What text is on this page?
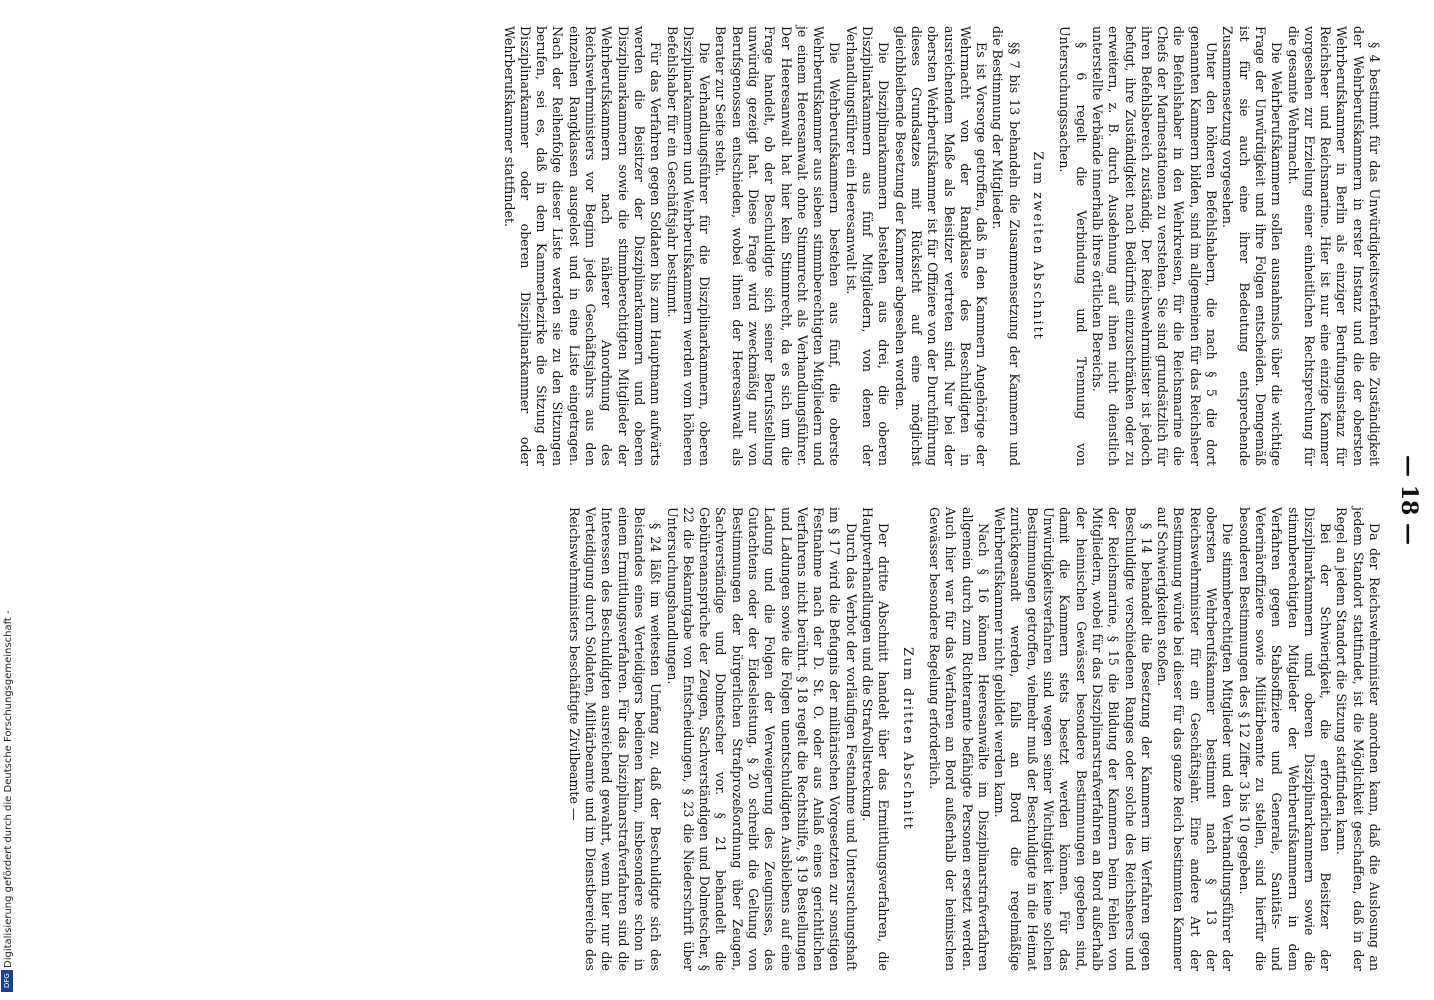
Digitalisierung gefördert durch die Deutsche Forschungsgemeinschaft -
DFG
— 18 —

§ 4 bestimmt für das Unwürdigkeitsverfahren die Zuständigkeit der Wehrberufskammern in erster Instanz und die der obersten Wehrberufskammer in Berlin als einziger Berufungsinstanz für Reichsheer und Reichsmarine. Hier ist nur eine einzige Kammer vorgesehen zur Erzielung einer einheitlichen Rechtsprechung für die gesamte Wehrmacht.

Die Wehrberufskammern sollen ausnahmslos über die wichtige Frage der Unwürdigkeit und ihre Folgen entscheiden. Demgemäß ist für sie auch eine ihrer Bedeutung entsprechende Zusammensetzung vorgesehen.

Unter den höheren Befehlshabern, die nach § 5 die dort genannten Kammern bilden, sind im allgemeinen für das Reichsheer die Befehlshaber in den Wehrkreisen, für die Reichsmarine die Chefs der Marinestationen zu verstehen. Sie sind grundsätzlich für ihren Befehlsbereich zuständig. Der Reichswehrminister ist jedoch befugt, ihre Zuständigkeit nach Bedürfnis einzuschränken oder zu erweitern, z. B. durch Ausdehnung auf ihnen nicht dienstlich unterstellte Verbände innerhalb ihres örtlichen Bereichs.

§ 6 regelt die Verbindung und Trennung von Untersuchungssachen.

Zum zweiten Abschnitt

§§ 7 bis 13 behandeln die Zusammensetzung der Kammern und die Bestimmung der Mitglieder.

Es ist Vorsorge getroffen, daß in den Kammern Angehörige der Wehrmacht von der Rangklasse des Beschuldigten in ausreichendem Maße als Beisitzer vertreten sind. Nur bei der obersten Wehrberufskammer ist für Offiziere von der Durchführung dieses Grundsatzes mit Rücksicht auf eine möglichst gleichbleibende Besetzung der Kammer abgesehen worden.

Die Disziplinarkammern bestehen aus drei, die oberen Disziplinarkammern aus fünf Mitgliedern, von denen der Verhandlungsführer ein Heeresanwalt ist.

Die Wehrberufskammern bestehen aus fünf, die oberste Wehrberufskammer aus sieben stimmberechtigten Mitgliedern und je einem Heeresanwalt ohne Stimmrecht als Verhandlungsführer. Der Heeresanwalt hat hier kein Stimmrecht, da es sich um die Frage handelt, ob der Beschuldigte sich seiner Berufsstellung unwürdig gezeigt hat. Diese Frage wird zweckmäßig nur von Berufsgenossen entschieden, wobei ihnen der Heeresanwalt als Berater zur Seite steht.

Die Verhandlungsführer für die Disziplinarkammern, oberen Disziplinarkammern und Wehrberufskammern werden vom höheren Befehlshaber für ein Geschäftsjahr bestimmt.

Für das Verfahren gegen Soldaten bis zum Hauptmann aufwärts werden die Beisitzer der Disziplinarkammern und oberen Disziplinarkammern sowie die stimmberechtigten Mitglieder der Wehrberufskammern nach näherer Anordnung des Reichswehrministers vor Beginn jedes Geschäftsjahrs aus den einzelnen Rangklassen ausgelost und in eine Liste eingetragen. Nach der Reihenfolge dieser Liste werden sie zu den Sitzungen berufen, sei es, daß in dem Kammerbezirke die Sitzung der Disziplinarkammer oder oberen Disziplinarkammer oder Wehrberufskammer stattfindet.

Da der Reichswehrminister anordnen kann, daß die Auslosung an jedem Standort stattfindet, ist die Möglichkeit geschaffen, daß in der Regel an jedem Standort die Sitzung stattfinden kann.

Bei der Schwierigkeit, die erforderlichen Beisitzer der Disziplinarkammern und oberen Disziplinarkammern sowie die stimmberechtigten Mitglieder der Wehrberufskammern in dem Verfahren gegen Stabsoffiziere und Generale, Sanitäts- und Veterinäroffiziere sowie Militärbeamte zu stellen, sind hierfür die besonderen Bestimmungen des § 12 Ziffer 3 bis 10 gegeben.

Die stimmberechtigten Mitglieder und den Verhandlungsführer der obersten Wehrberufskammer bestimmt nach § 13 der Reichswehrminister für ein Geschäftsjahr. Eine andere Art der Bestimmung würde bei dieser für das ganze Reich bestimmten Kammer auf Schwierigkeiten stoßen.

§ 14 behandelt die Besetzung der Kammern im Verfahren gegen Beschuldigte verschiedenen Ranges oder solche des Reichsheers und der Reichsmarine, § 15 die Bildung der Kammern beim Fehlen von Mitgliedern, wobei für das Disziplinarstrafverfahren an Bord außerhalb der heimischen Gewässer besondere Bestimmungen gegeben sind, damit die Kammern stets besetzt werden können. Für das Unwürdigkeitsverfahren sind wegen seiner Wichtigkeit keine solchen Bestimmungen getroffen, vielmehr muß der Beschuldigte in die Heimat zurückgesandt werden, falls an Bord die regelmäßige Wehrberufskammer nicht gebildet werden kann.

Nach § 16 können Heeresanwälte im Disziplinarstrafverfahren allgemein durch zum Richteramte befähigte Personen ersetzt werden. Auch hier war für das Verfahren an Bord außerhalb der heimischen Gewässer besondere Regelung erforderlich.

Zum dritten Abschnitt

Der dritte Abschnitt handelt über das Ermittlungsverfahren, die Hauptverhandlungen und die Strafvollstreckung.

Durch das Verbot der vorläufigen Festnahme und Untersuchungshaft im § 17 wird die Befugnis der militärischen Vorgesetzten zur sonstigen Festnahme nach der D. St. O. oder aus Anlaß eines gerichtlichen Verfahrens nicht berührt. § 18 regelt die Rechtshilfe, § 19 Bestellungen und Ladungen sowie die Folgen unentschuldigten Ausbleibens auf eine Ladung und die Folgen der Verweigerung des Zeugnisses, des Gutachtens oder der Eidesleistung. § 20 schreibt die Geltung von Bestimmungen der bürgerlichen Strafprozeßordnung über Zeugen, Sachverständige und Dolmetscher vor. § 21 behandelt die Gebührenansprüche der Zeugen, Sachverständigen und Dolmetscher, § 22 die Bekanntgabe von Entscheidungen, § 23 die Niederschrift über Untersuchungshandlungen.

§ 24 läßt im weitesten Umfang zu, daß der Beschuldigte sich des Beistandes eines Verteidigers bedienen kann, insbesondere schon in einem Ermittlungsverfahren. Für das Disziplinarstrafverfahren sind die Interessen des Beschuldigten ausreichend gewahrt, wenn hier nur die Verteidigung durch Soldaten, Militärbeamte und im Dienstbereiche des Reichswehrministers beschäftigte Zivilbeamte —
